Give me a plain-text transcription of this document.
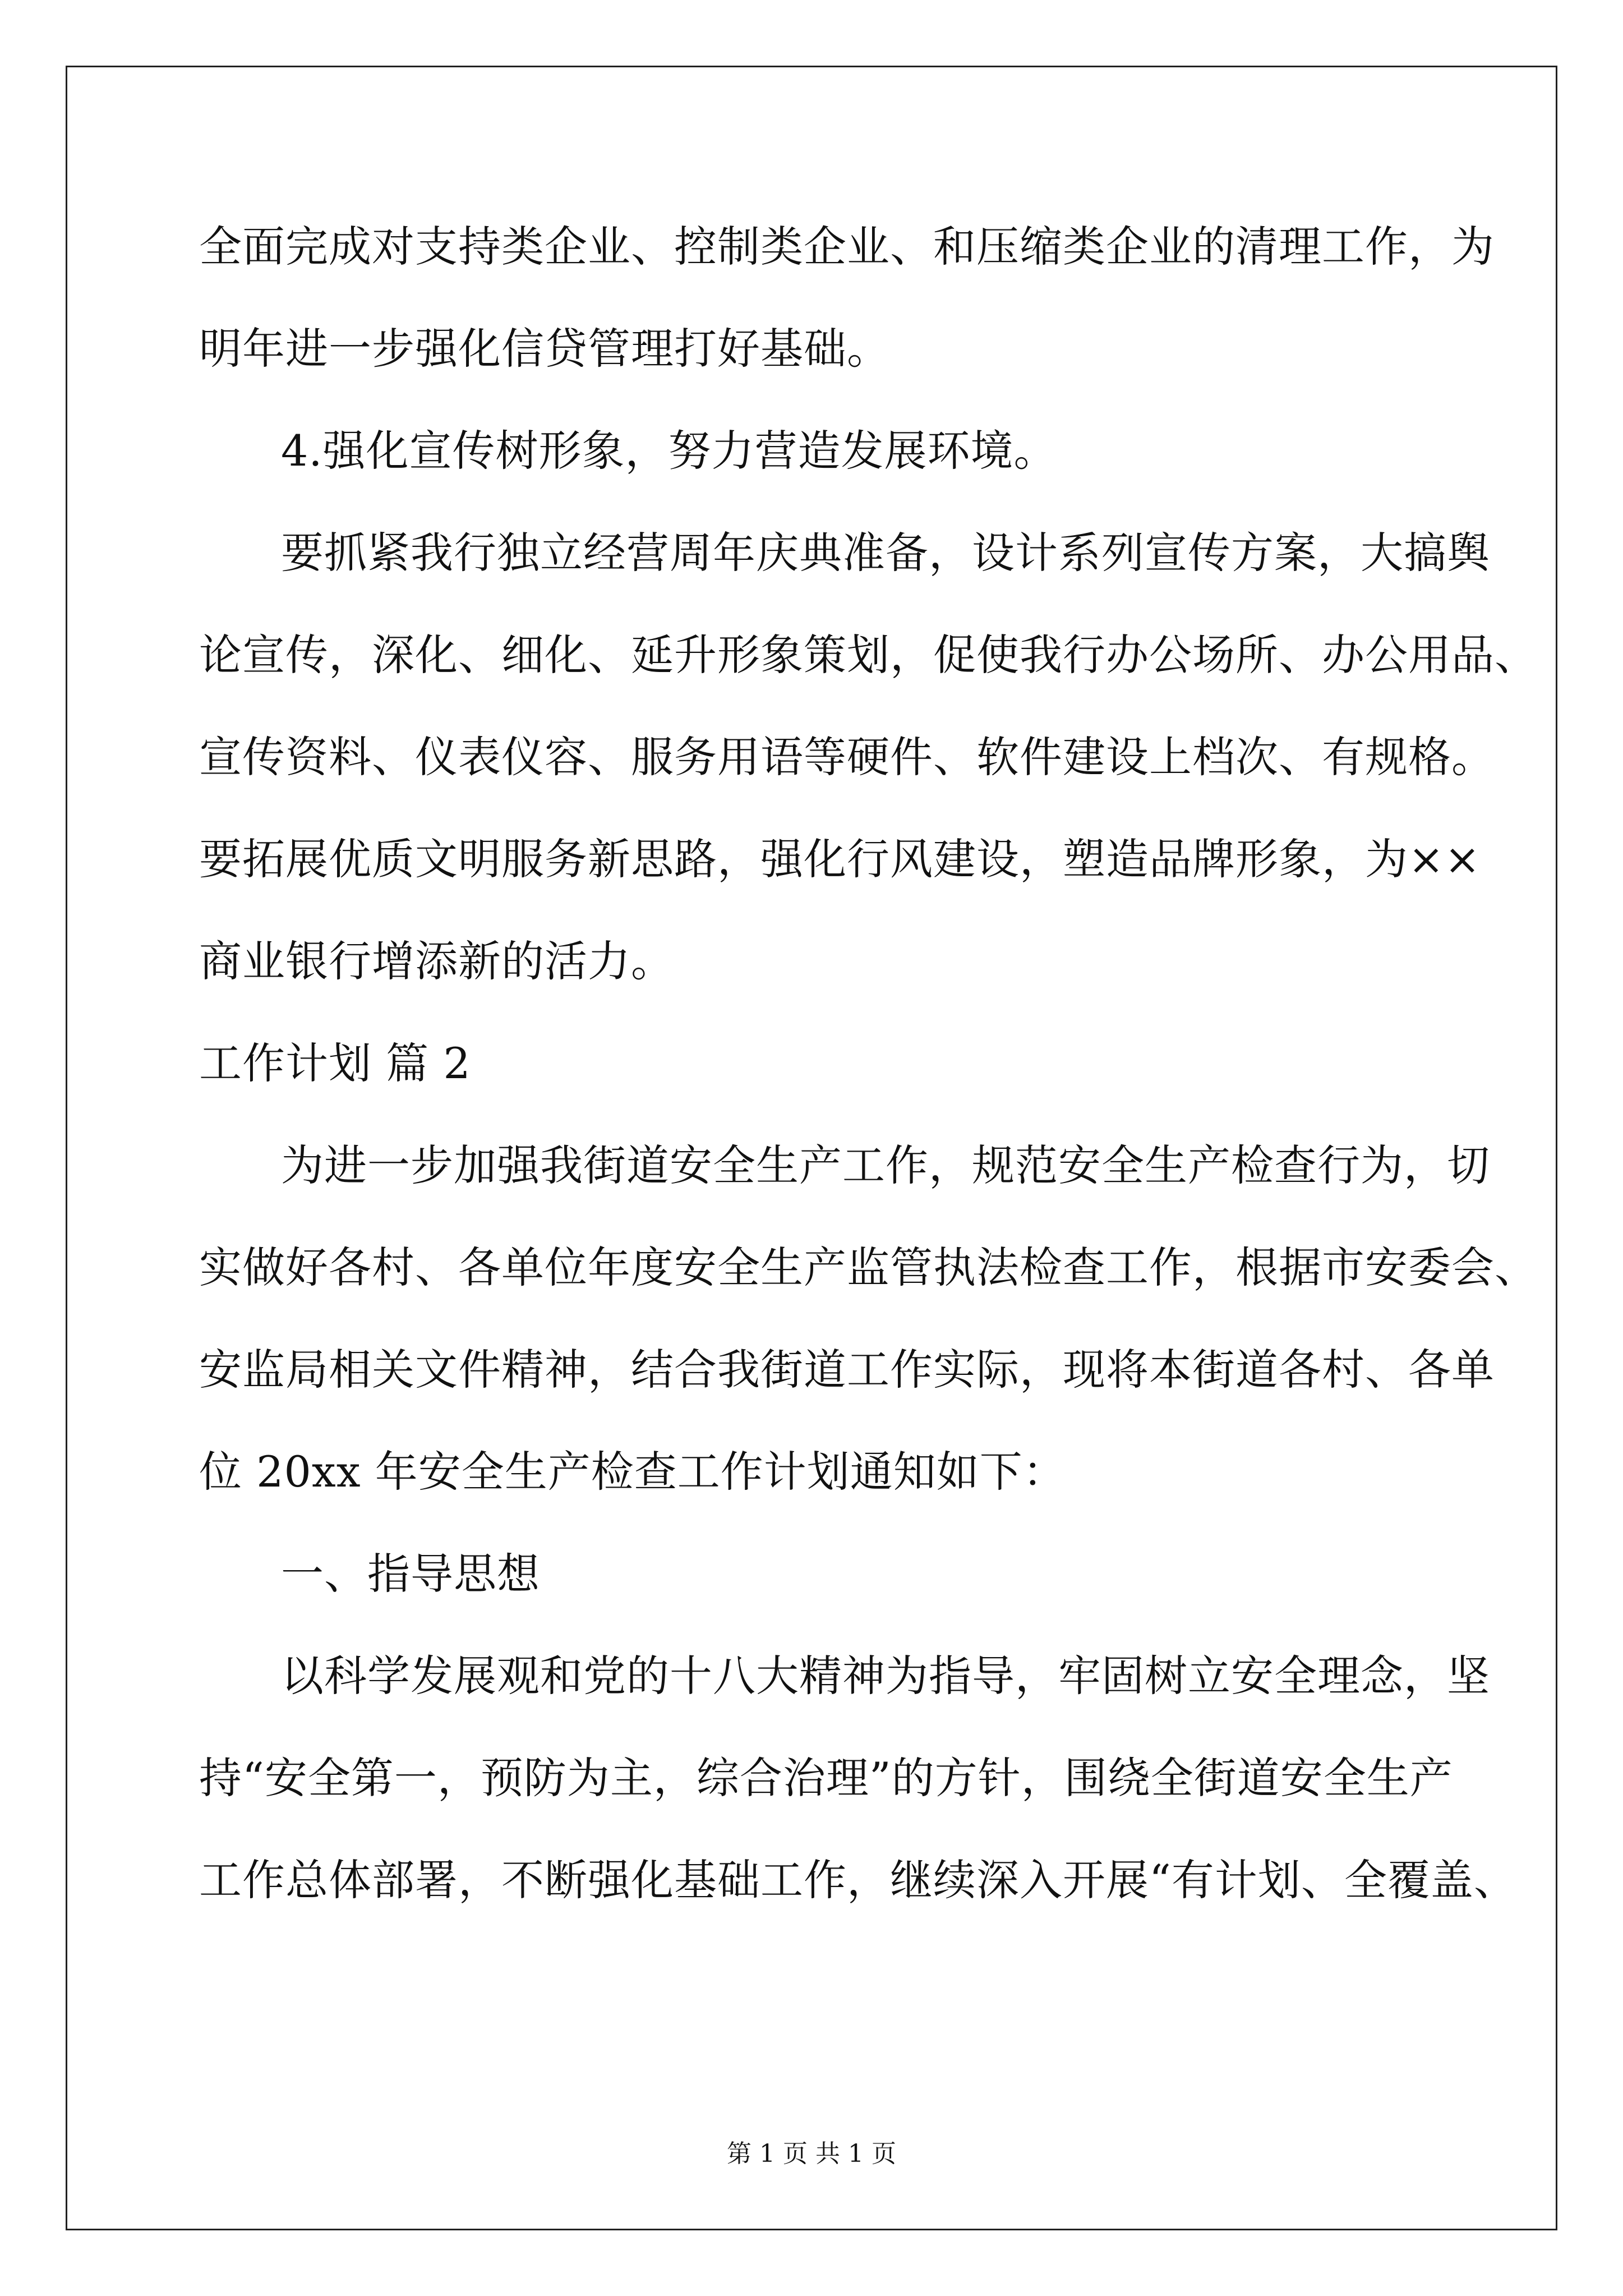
全面完成对支持类企业、控制类企业、和压缩类企业的清理工作，为
明年进一步强化信贷管理打好基础。
4.强化宣传树形象，努力营造发展环境。
要抓紧我行独立经营周年庆典准备，设计系列宣传方案，大搞舆
论宣传，深化、细化、延升形象策划，促使我行办公场所、办公用品、
宣传资料、仪表仪容、服务用语等硬件、软件建设上档次、有规格。
要拓展优质文明服务新思路，强化行风建设，塑造品牌形象，为××
商业银行增添新的活力。
工作计划 篇 2
为进一步加强我街道安全生产工作，规范安全生产检查行为，切
实做好各村、各单位年度安全生产监管执法检查工作，根据市安委会、
安监局相关文件精神，结合我街道工作实际，现将本街道各村、各单
位 20xx 年安全生产检查工作计划通知如下：
一、指导思想
以科学发展观和党的十八大精神为指导，牢固树立安全理念，坚
持“安全第一，预防为主，综合治理”的方针，围绕全街道安全生产
工作总体部署，不断强化基础工作，继续深入开展“有计划、全覆盖、
第 1 页 共 1 页
